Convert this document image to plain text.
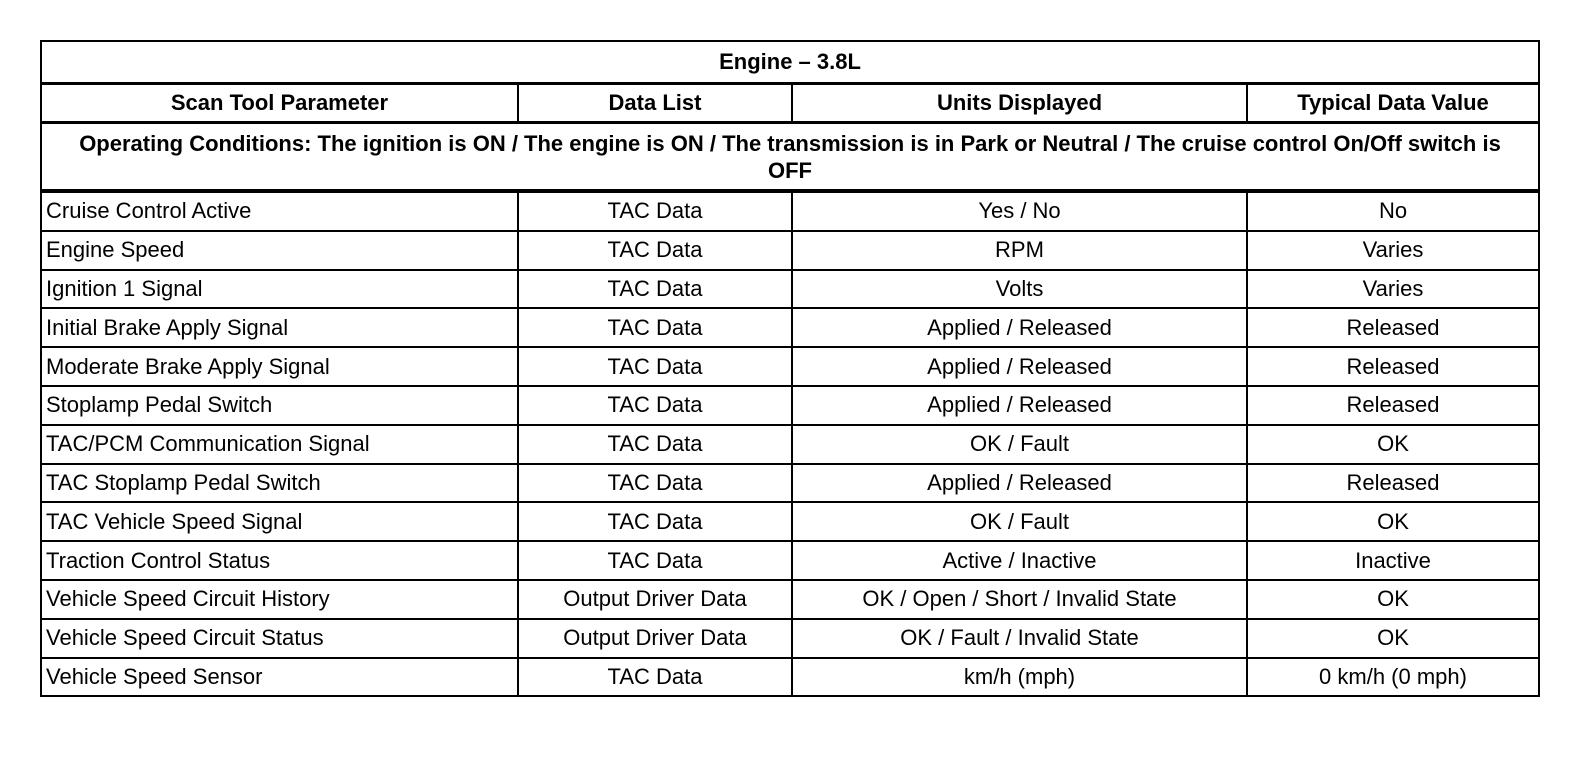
Engine – 3.8L			
Scan Tool Parameter	Data List	Units Displayed	Typical Data Value
Operating Conditions: The ignition is ON / The engine is ON / The transmission is in Park or Neutral / The cruise control On/Off switch is OFF			
Cruise Control Active	TAC Data	Yes / No	No
Engine Speed	TAC Data	RPM	Varies
Ignition 1 Signal	TAC Data	Volts	Varies
Initial Brake Apply Signal	TAC Data	Applied / Released	Released
Moderate Brake Apply Signal	TAC Data	Applied / Released	Released
Stoplamp Pedal Switch	TAC Data	Applied / Released	Released
TAC/PCM Communication Signal	TAC Data	OK / Fault	OK
TAC Stoplamp Pedal Switch	TAC Data	Applied / Released	Released
TAC Vehicle Speed Signal	TAC Data	OK / Fault	OK
Traction Control Status	TAC Data	Active / Inactive	Inactive
Vehicle Speed Circuit History	Output Driver Data	OK / Open / Short / Invalid State	OK
Vehicle Speed Circuit Status	Output Driver Data	OK / Fault / Invalid State	OK
Vehicle Speed Sensor	TAC Data	km/h (mph)	0 km/h (0 mph)
